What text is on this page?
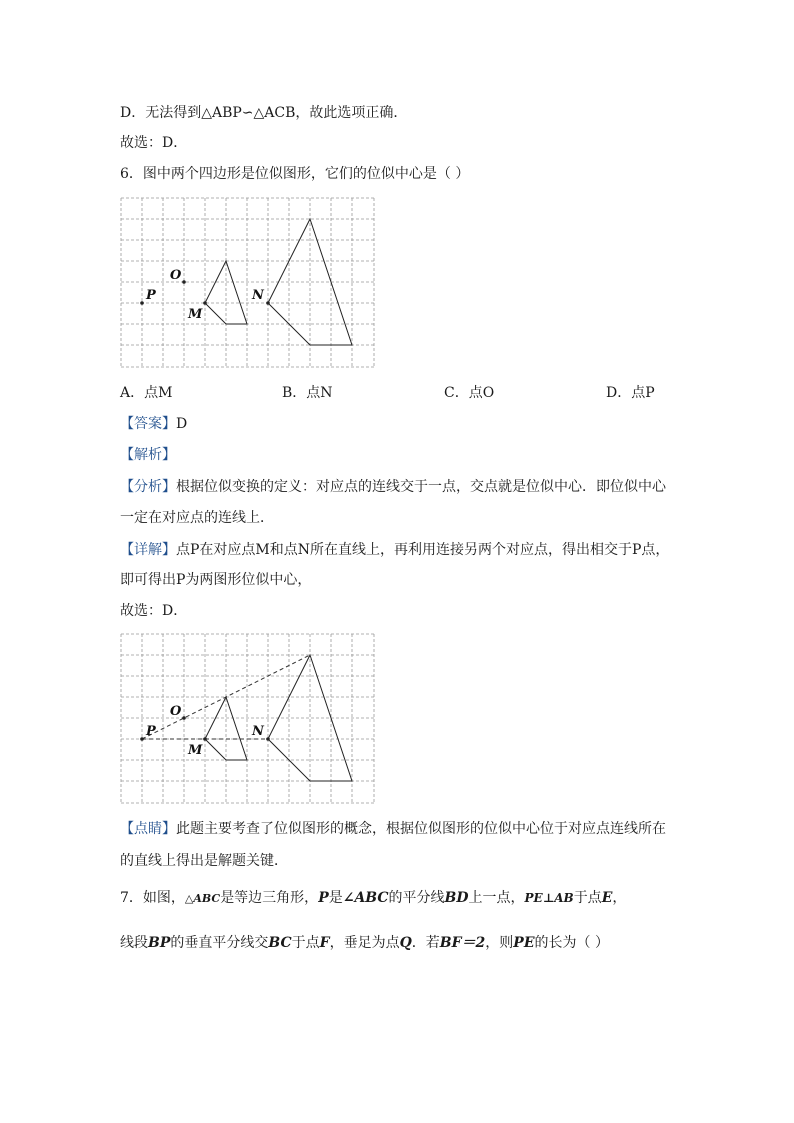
D．无法得到△ABP∽△ACB，故此选项正确．
故选：D．
6．图中两个四边形是位似图形，它们的位似中心是（ ）
O
P
M
N
A．点M	B．点N	C．点O	D．点P
【答案】D
【解析】
【分析】根据位似变换的定义：对应点的连线交于一点，交点就是位似中心．即位似中心
一定在对应点的连线上．
【详解】点P在对应点M和点N所在直线上，再利用连接另两个对应点，得出相交于P点，
即可得出P为两图形位似中心，
故选：D．
O
P
M
N
【点睛】此题主要考查了位似图形的概念，根据位似图形的位似中心位于对应点连线所在
的直线上得出是解题关键．
7．如图，△ABC是等边三角形，P是∠ABC的平分线BD上一点，PE⊥AB于点E，
线段BP的垂直平分线交BC于点F，垂足为点Q．若BF＝2，则PE的长为（ ）
